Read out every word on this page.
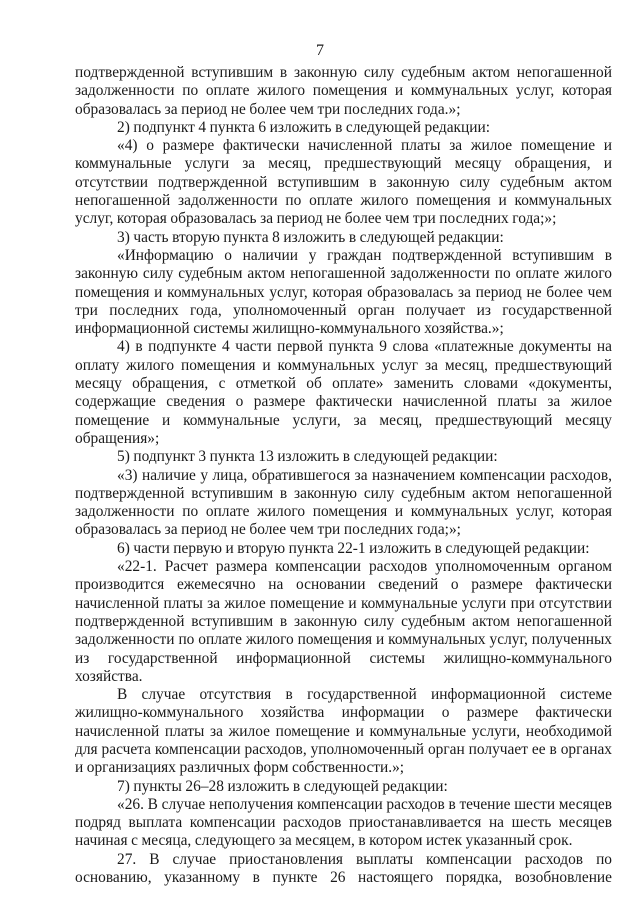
7

подтвержденной вступившим в законную силу судебным актом непогашенной задолженности по оплате жилого помещения и коммунальных услуг, которая образовалась за период не более чем три последних года.»;

2) подпункт 4 пункта 6 изложить в следующей редакции:

«4) о размере фактически начисленной платы за жилое помещение и коммунальные услуги за месяц, предшествующий месяцу обращения, и отсутствии подтвержденной вступившим в законную силу судебным актом непогашенной задолженности по оплате жилого помещения и коммунальных услуг, которая образовалась за период не более чем три последних года;»;

3) часть вторую пункта 8 изложить в следующей редакции:

«Информацию о наличии у граждан подтвержденной вступившим в законную силу судебным актом непогашенной задолженности по оплате жилого помещения и коммунальных услуг, которая образовалась за период не более чем три последних года, уполномоченный орган получает из государственной информационной системы жилищно-коммунального хозяйства.»;

4) в подпункте 4 части первой пункта 9 слова «платежные документы на оплату жилого помещения и коммунальных услуг за месяц, предшествующий месяцу обращения, с отметкой об оплате» заменить словами «документы, содержащие сведения о размере фактически начисленной платы за жилое помещение и коммунальные услуги, за месяц, предшествующий месяцу обращения»;

5) подпункт 3 пункта 13 изложить в следующей редакции:

«3) наличие у лица, обратившегося за назначением компенсации расходов, подтвержденной вступившим в законную силу судебным актом непогашенной задолженности по оплате жилого помещения и коммунальных услуг, которая образовалась за период не более чем три последних года;»;

6) части первую и вторую пункта 22-1 изложить в следующей редакции:

«22-1. Расчет размера компенсации расходов уполномоченным органом производится ежемесячно на основании сведений о размере фактически начисленной платы за жилое помещение и коммунальные услуги при отсутствии подтвержденной вступившим в законную силу судебным актом непогашенной задолженности по оплате жилого помещения и коммунальных услуг, полученных из государственной информационной системы жилищно-коммунального хозяйства.

В случае отсутствия в государственной информационной системе жилищно-коммунального хозяйства информации о размере фактически начисленной платы за жилое помещение и коммунальные услуги, необходимой для расчета компенсации расходов, уполномоченный орган получает ее в органах и организациях различных форм собственности.»;

7) пункты 26–28 изложить в следующей редакции:

«26. В случае неполучения компенсации расходов в течение шести месяцев подряд выплата компенсации расходов приостанавливается на шесть месяцев начиная с месяца, следующего за месяцем, в котором истек указанный срок.

27. В случае приостановления выплаты компенсации расходов по основанию, указанному в пункте 26 настоящего порядка, возобновление
